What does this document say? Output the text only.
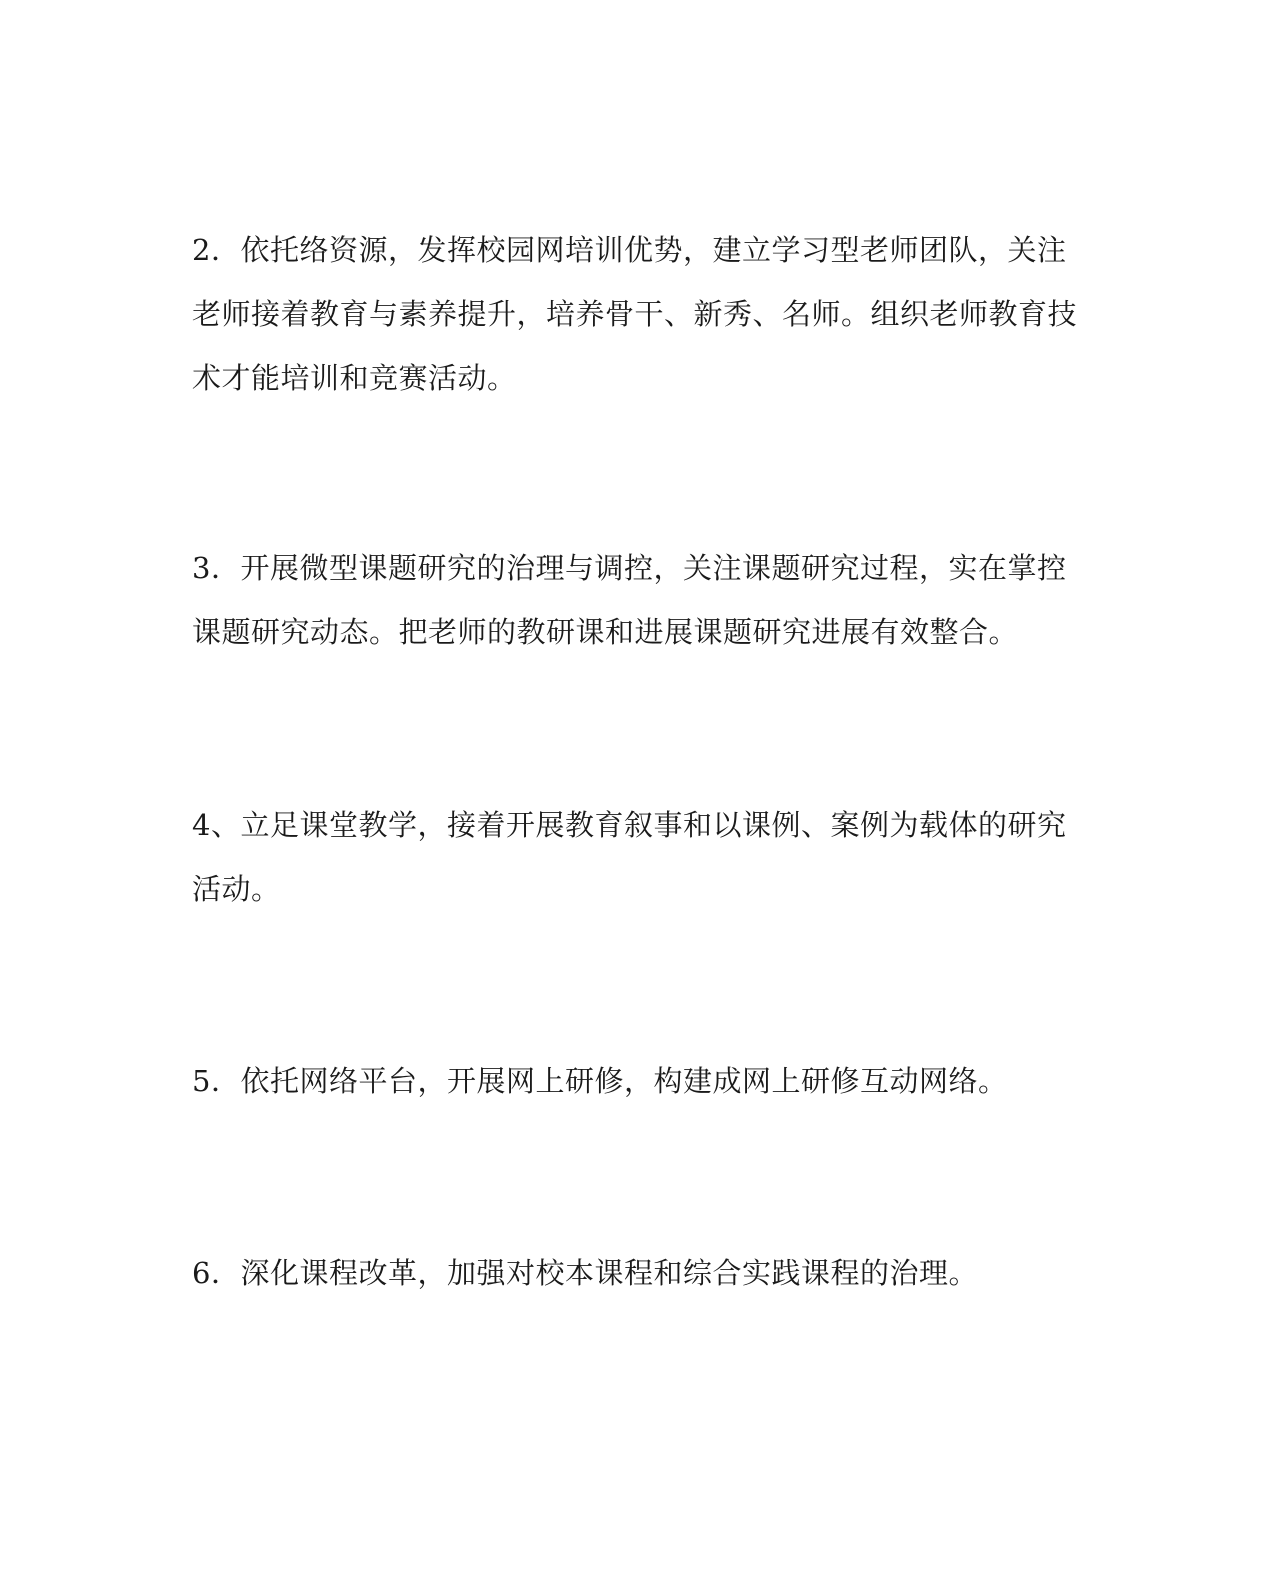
2．依托络资源，发挥校园网培训优势，建立学习型老师团队，关注
老师接着教育与素养提升，培养骨干、新秀、名师。组织老师教育技
术才能培训和竞赛活动。

3．开展微型课题研究的治理与调控，关注课题研究过程，实在掌控
课题研究动态。把老师的教研课和进展课题研究进展有效整合。

4、立足课堂教学，接着开展教育叙事和以课例、案例为载体的研究
活动。

5．依托网络平台，开展网上研修，构建成网上研修互动网络。

6．深化课程改革，加强对校本课程和综合实践课程的治理。
